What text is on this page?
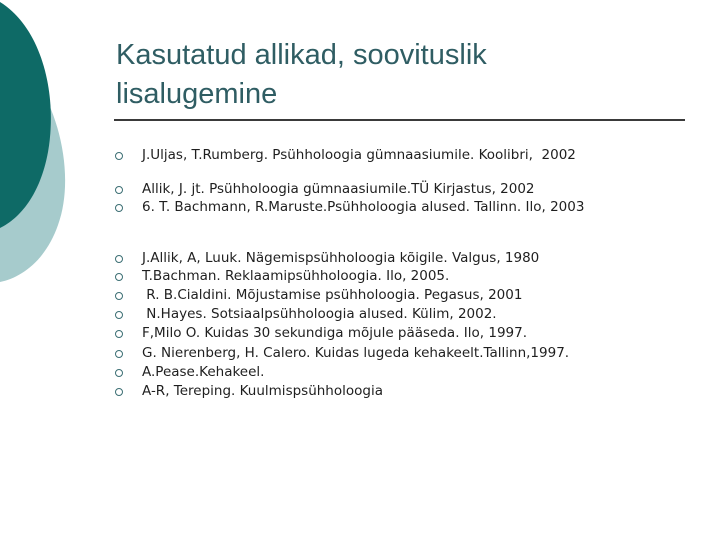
Kasutatud allikad, soovituslik
lisalugemine
J.Uljas, T.Rumberg. Psühholoogia gümnaasiumile. Koolibri,  2002
Allik, J. jt. Psühholoogia gümnaasiumile.TÜ Kirjastus, 2002
6. T. Bachmann, R.Maruste.Psühholoogia alused. Tallinn. Ilo, 2003
J.Allik, A, Luuk. Nägemispsühholoogia kõigile. Valgus, 1980
T.Bachman. Reklaamipsühholoogia. Ilo, 2005.
R. B.Cialdini. Mõjustamise psühholoogia. Pegasus, 2001
N.Hayes. Sotsiaalpsühholoogia alused. Külim, 2002.
F,Milo O. Kuidas 30 sekundiga mõjule pääseda. Ilo, 1997.
G. Nierenberg, H. Calero. Kuidas lugeda kehakeelt.Tallinn,1997.
A.Pease.Kehakeel.
A-R, Tereping. Kuulmispsühholoogia
